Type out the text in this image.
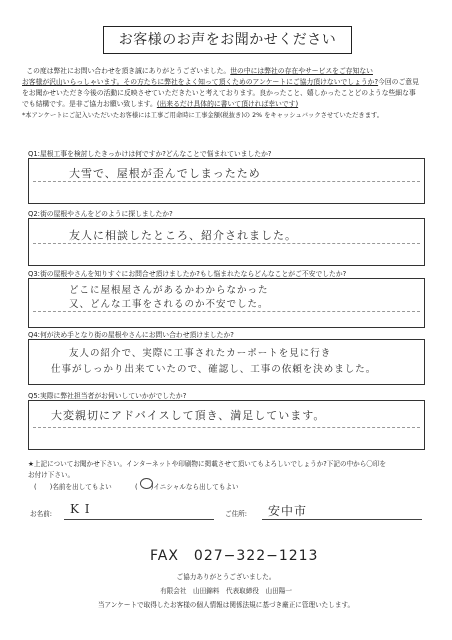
お客様のお声をお聞かせください
この度は弊社にお問い合わせを頂き誠にありがとうございました。世の中には弊社の存在やサービスをご存知ない
お客様が沢山いらっしゃいます。その方たちに弊社をよく知って頂くためのアンケートにご協力頂けないでしょうか?今回のご意見
をお聞かせいただき今後の活動に反映させていただきたいと考えております。良かったこと、嬉しかったことどのような些細な事
でも結構です。是非ご協力お願い致します。(出来るだけ具体的に書いて頂ければ幸いです)
*本アンケートにご記入いただいたお客様には工事ご用命時に工事金額(税抜き)の 2% をキャッシュバックさせていただきます。
Q1:屋根工事を検討したきっかけは何ですか?どんなことで悩まれていましたか?
大雪で、屋根が歪んでしまったため
Q2:街の屋根やさんをどのように探しましたか?
友人に相談したところ、紹介されました。
Q3:街の屋根やさんを知りすぐにお問合せ頂けましたか?もし悩まれたならどんなことがご不安でしたか?
どこに屋根屋さんがあるかわからなかった
又、どんな工事をされるのか不安でした。
Q4:何が決め手となり街の屋根やさんにお問い合わせ頂けましたか?
友人の紹介で、実際に工事されたカーポートを見に行き
仕事がしっかり出来ていたので、確認し、工事の依頼を決めました。
Q5:実際に弊社担当者がお伺いしていかがでしたか?
大変親切にアドバイスして頂き、満足しています。
★上記についてお聞かせ下さい。インターネットや印刷物に掲載させて頂いてもよろしいでしょうか?下記の中から〇印を
お付け下さい。
(　　)名前を出してもよい	(　　)イニシャルなら出してもよい
お名前: K I	ご住所: 安中市
FAX　027−322−1213
ご協力ありがとうございました。
有限会社　山田錦料　代表取締役　山田陽一
当アンケートで取得したお客様の個人情報は関係法規に基づき厳正に管理いたします。
